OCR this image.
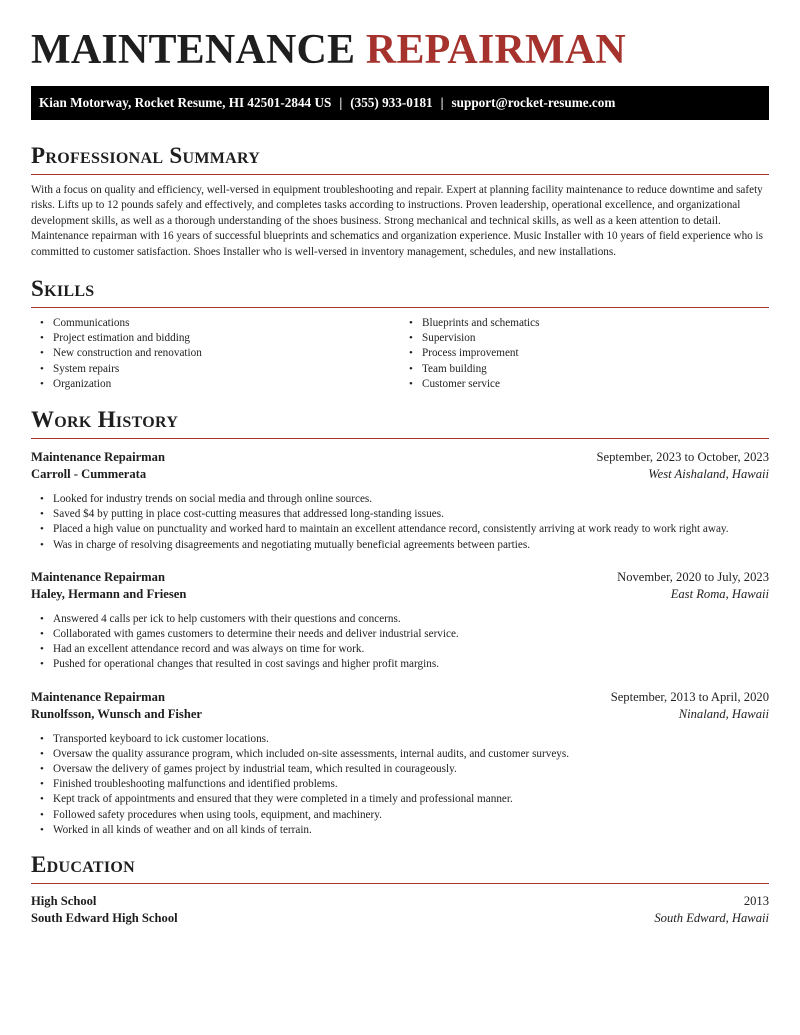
MAINTENANCE REPAIRMAN
Kian Motorway, Rocket Resume, HI 42501-2844 US | (355) 933-0181 | support@rocket-resume.com
Professional Summary

With a focus on quality and efficiency, well-versed in equipment troubleshooting and repair. Expert at planning facility maintenance to reduce downtime and safety risks. Lifts up to 12 pounds safely and effectively, and completes tasks according to instructions. Proven leadership, operational excellence, and organizational development skills, as well as a thorough understanding of the shoes business. Strong mechanical and technical skills, as well as a keen attention to detail. Maintenance repairman with 16 years of successful blueprints and schematics and organization experience. Music Installer with 10 years of field experience who is committed to customer satisfaction. Shoes Installer who is well-versed in inventory management, schedules, and new installations.

Skills
• Communications
• Project estimation and bidding
• New construction and renovation
• System repairs
• Organization
• Blueprints and schematics
• Supervision
• Process improvement
• Team building
• Customer service
Work History
Maintenance Repairman	September, 2023 to October, 2023
Carroll - Cummerata	West Aishaland, Hawaii
• Looked for industry trends on social media and through online sources.
• Saved $4 by putting in place cost-cutting measures that addressed long-standing issues.
• Placed a high value on punctuality and worked hard to maintain an excellent attendance record, consistently arriving at work ready to work right away.
• Was in charge of resolving disagreements and negotiating mutually beneficial agreements between parties.
Maintenance Repairman	November, 2020 to July, 2023
Haley, Hermann and Friesen	East Roma, Hawaii
• Answered 4 calls per ick to help customers with their questions and concerns.
• Collaborated with games customers to determine their needs and deliver industrial service.
• Had an excellent attendance record and was always on time for work.
• Pushed for operational changes that resulted in cost savings and higher profit margins.
Maintenance Repairman	September, 2013 to April, 2020
Runolfsson, Wunsch and Fisher	Ninaland, Hawaii
• Transported keyboard to ick customer locations.
• Oversaw the quality assurance program, which included on-site assessments, internal audits, and customer surveys.
• Oversaw the delivery of games project by industrial team, which resulted in courageously.
• Finished troubleshooting malfunctions and identified problems.
• Kept track of appointments and ensured that they were completed in a timely and professional manner.
• Followed safety procedures when using tools, equipment, and machinery.
• Worked in all kinds of weather and on all kinds of terrain.
Education
High School	2013
South Edward High School	South Edward, Hawaii
